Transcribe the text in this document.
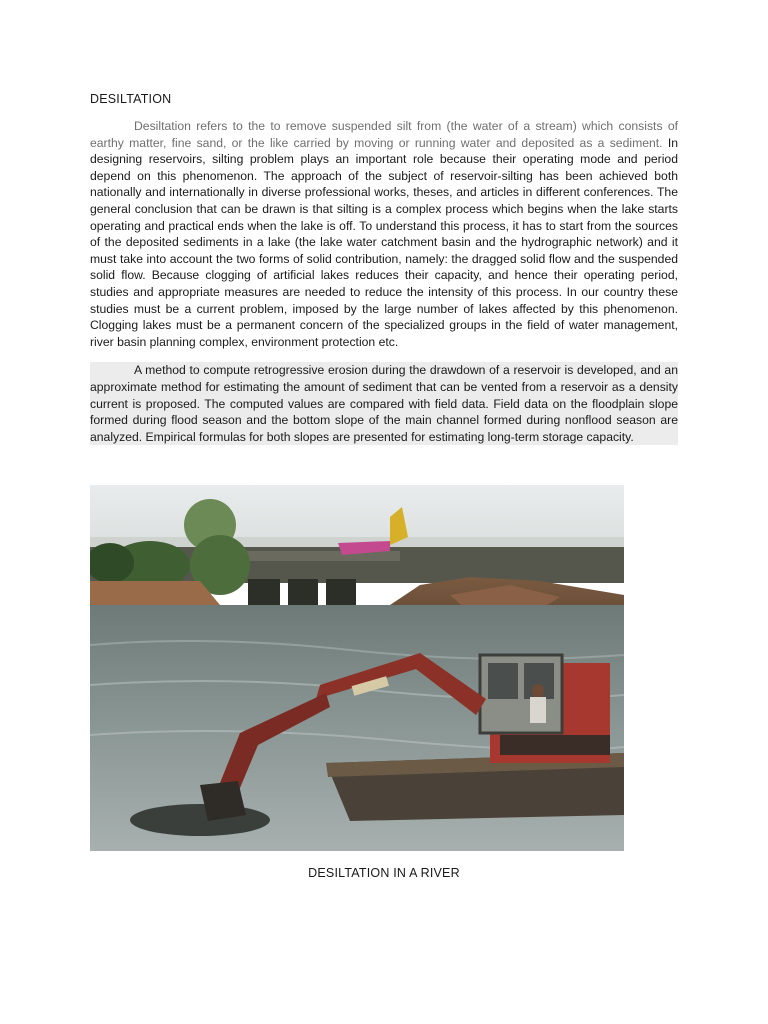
DESILTATION

Desiltation refers to the to remove suspended silt from (the water of a stream) which consists of earthy matter, fine sand, or the like carried by moving or running water and deposited as a sediment. In designing reservoirs, silting problem plays an important role because their operating mode and period depend on this phenomenon. The approach of the subject of reservoir-silting has been achieved both nationally and internationally in diverse professional works, theses, and articles in different conferences. The general conclusion that can be drawn is that silting is a complex process which begins when the lake starts operating and practical ends when the lake is off. To understand this process, it has to start from the sources of the deposited sediments in a lake (the lake water catchment basin and the hydrographic network) and it must take into account the two forms of solid contribution, namely: the dragged solid flow and the suspended solid flow. Because clogging of artificial lakes reduces their capacity, and hence their operating period, studies and appropriate measures are needed to reduce the intensity of this process. In our country these studies must be a current problem, imposed by the large number of lakes affected by this phenomenon. Clogging lakes must be a permanent concern of the specialized groups in the field of water management, river basin planning complex, environment protection etc.

A method to compute retrogressive erosion during the drawdown of a reservoir is developed, and an approximate method for estimating the amount of sediment that can be vented from a reservoir as a density current is proposed. The computed values are compared with field data. Field data on the floodplain slope formed during flood season and the bottom slope of the main channel formed during nonflood season are analyzed. Empirical formulas for both slopes are presented for estimating long-term storage capacity.

DESILTATION IN A RIVER
